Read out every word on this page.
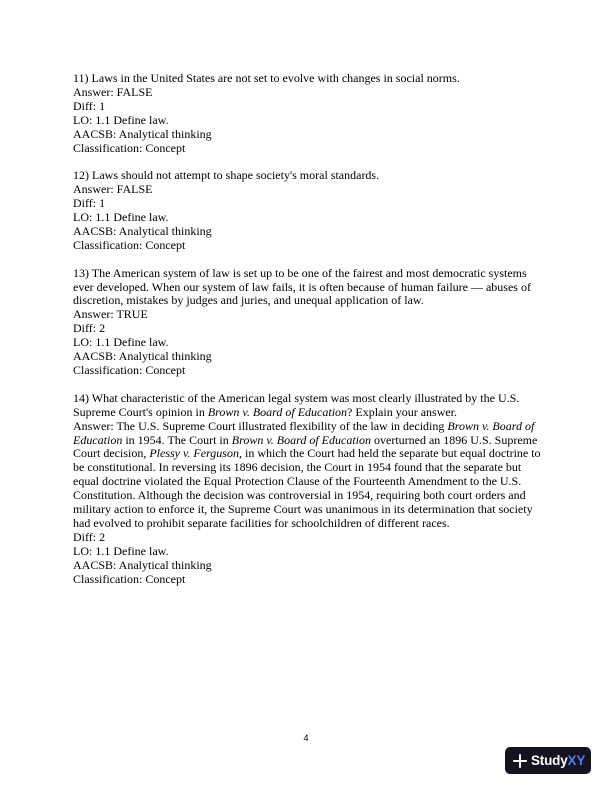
11) Laws in the United States are not set to evolve with changes in social norms.
Answer: FALSE
Diff: 1
LO: 1.1 Define law.
AACSB: Analytical thinking
Classification: Concept
12) Laws should not attempt to shape society's moral standards.
Answer: FALSE
Diff: 1
LO: 1.1 Define law.
AACSB: Analytical thinking
Classification: Concept
13) The American system of law is set up to be one of the fairest and most democratic systems
ever developed. When our system of law fails, it is often because of human failure — abuses of
discretion, mistakes by judges and juries, and unequal application of law.
Answer: TRUE
Diff: 2
LO: 1.1 Define law.
AACSB: Analytical thinking
Classification: Concept
14) What characteristic of the American legal system was most clearly illustrated by the U.S.
Supreme Court's opinion in Brown v. Board of Education? Explain your answer.
Answer: The U.S. Supreme Court illustrated flexibility of the law in deciding Brown v. Board of Education in 1954. The Court in Brown v. Board of Education overturned an 1896 U.S. Supreme Court decision, Plessy v. Ferguson, in which the Court had held the separate but equal doctrine to be constitutional. In reversing its 1896 decision, the Court in 1954 found that the separate but equal doctrine violated the Equal Protection Clause of the Fourteenth Amendment to the U.S. Constitution. Although the decision was controversial in 1954, requiring both court orders and military action to enforce it, the Supreme Court was unanimous in its determination that society had evolved to prohibit separate facilities for schoolchildren of different races.
Diff: 2
LO: 1.1 Define law.
AACSB: Analytical thinking
Classification: Concept
4
StudyXY
